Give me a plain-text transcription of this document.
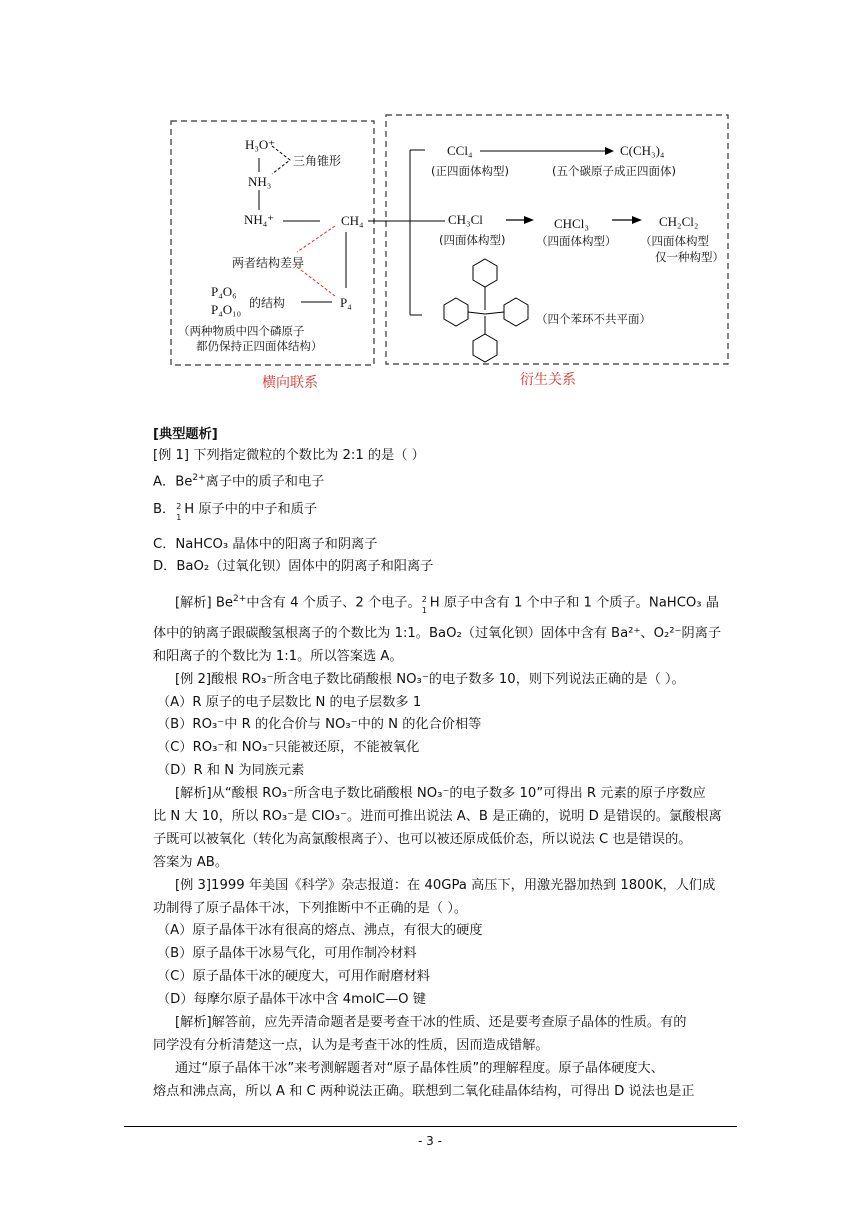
H₃O⁺
三角锥形
NH₃
NH₄⁺	CH₄
两者结构差异
P₄O₆
的结构
P₄O₁₀	P₄
（两种物质中四个磷原子
都仍保持正四面体结构）
横向联系
CCl₄
(正四面体构型)
C(CH₃)₄
(五个碳原子成正四面体)
CH₃Cl
(四面体构型)
CHCl₃
（四面体构型）
CH₂Cl₂
（四面体构型
仅一种构型）
（四个苯环不共平面）
衍生关系
[典型题析]
[例 1] 下列指定微粒的个数比为 2:1 的是（ ）
A．$Be^{2+}$离子中的质子和电子
B． 2
1
H 原子中的中子和质子
C．NaHCO₃ 晶体中的阳离子和阴离子
D．BaO₂（过氧化钡）固体中的阴离子和阳离子
[解析] $Be^{2+}$中含有 4 个质子、2 个电子。 2
1
H 原子中含有 1 个中子和 1 个质子。NaHCO₃ 晶
体中的钠离子跟碳酸氢根离子的个数比为 1:1。BaO₂（过氧化钡）固体中含有 Ba²⁺、O₂²⁻阴离子
和阳离子的个数比为 1:1。所以答案选 A。
[例 2]酸根 RO₃⁻所含电子数比硝酸根 NO₃⁻的电子数多 10，则下列说法正确的是（ ）。
（A）R 原子的电子层数比 N 的电子层数多 1
（B）RO₃⁻中 R 的化合价与 NO₃⁻中的 N 的化合价相等
（C）RO₃⁻和 NO₃⁻只能被还原，不能被氧化
（D）R 和 N 为同族元素
[解析]从“酸根 RO₃⁻所含电子数比硝酸根 NO₃⁻的电子数多 10”可得出 R 元素的原子序数应
比 N 大 10，所以 RO₃⁻是 ClO₃⁻。进而可推出说法 A、B 是正确的，说明 D 是错误的。氯酸根离
子既可以被氧化（转化为高氯酸根离子）、也可以被还原成低价态，所以说法 C 也是错误的。
答案为 AB。
[例 3]1999 年美国《科学》杂志报道：在 40GPa 高压下，用激光器加热到 1800K，人们成
功制得了原子晶体干冰，下列推断中不正确的是（ ）。
（A）原子晶体干冰有很高的熔点、沸点，有很大的硬度
（B）原子晶体干冰易气化，可用作制冷材料
（C）原子晶体干冰的硬度大，可用作耐磨材料
（D）每摩尔原子晶体干冰中含 4molC—O 键
[解析]解答前，应先弄清命题者是要考查干冰的性质、还是要考查原子晶体的性质。有的
同学没有分析清楚这一点，认为是考查干冰的性质，因而造成错解。
通过“原子晶体干冰”来考测解题者对“原子晶体性质”的理解程度。原子晶体硬度大、
熔点和沸点高，所以 A 和 C 两种说法正确。联想到二氧化硅晶体结构，可得出 D 说法也是正
- 3 -
